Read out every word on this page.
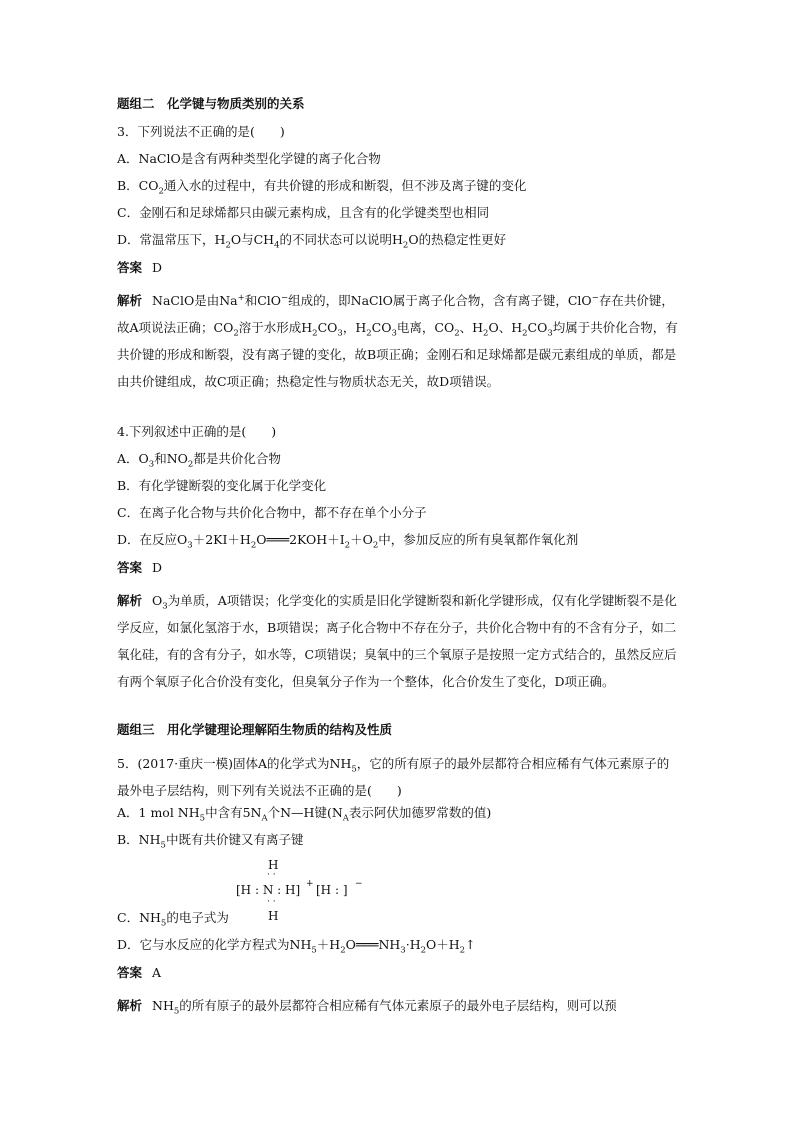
题组二　化学键与物质类别的关系
3．下列说法不正确的是(　　)
A．NaClO是含有两种类型化学键的离子化合物
B．$CO_2$通入水的过程中，有共价键的形成和断裂，但不涉及离子键的变化
C．金刚石和足球烯都只由碳元素构成，且含有的化学键类型也相同
D．常温常压下，$H_2O$与$CH_4$的不同状态可以说明$H_2O$的热稳定性更好
答案 D
解析 NaClO是由Na+和ClO−组成的，即NaClO属于离子化合物，含有离子键，ClO−存在共价键，故A项说法正确；$CO_2$溶于水形成$H_2CO_3$，$H_2CO_3$电离，$CO_2$、$H_2O$、$H_2CO_3$均属于共价化合物，有共价键的形成和断裂，没有离子键的变化，故B项正确；金刚石和足球烯都是碳元素组成的单质，都是由共价键组成，故C项正确；热稳定性与物质状态无关，故D项错误。
4.下列叙述中正确的是(　　)
A．$O_3$和$NO_2$都是共价化合物
B．有化学键断裂的变化属于化学变化
C．在离子化合物与共价化合物中，都不存在单个小分子
D．在反应$O_3+2KI+H_2O═══2KOH+I_2+O_2$中，参加反应的所有臭氧都作氧化剂
答案 D
解析 $O_3$为单质，A项错误；化学变化的实质是旧化学键断裂和新化学键形成，仅有化学键断裂不是化学反应，如氯化氢溶于水，B项错误；离子化合物中不存在分子，共价化合物中有的不含有分子，如二氧化硅，有的含有分子，如水等，C项错误；臭氧中的三个氧原子是按照一定方式结合的，虽然反应后有两个氧原子化合价没有变化，但臭氧分子作为一个整体，化合价发生了变化，D项正确。
题组三　用化学键理论理解陌生物质的结构及性质
5．(2017·重庆一模)固体A的化学式为$NH_5$，它的所有原子的最外层都符合相应稀有气体元素原子的最外电子层结构，则下列有关说法不正确的是(　　)
A．1 mol $NH_5$中含有$5N_A$个N—H键($N_A$表示阿伏加德罗常数的值)
B．$NH_5$中既有共价键又有离子键
H
· ·
[H : N : H] + [H : ] −
· ·
H
C．$NH_5$的电子式为
D．它与水反应的化学方程式为$NH_5+H_2O═══NH_3\cdot H_2O+H_2↑$
答案 A
解析 $NH_5$的所有原子的最外层都符合相应稀有气体元素原子的最外电子层结构，则可以预
